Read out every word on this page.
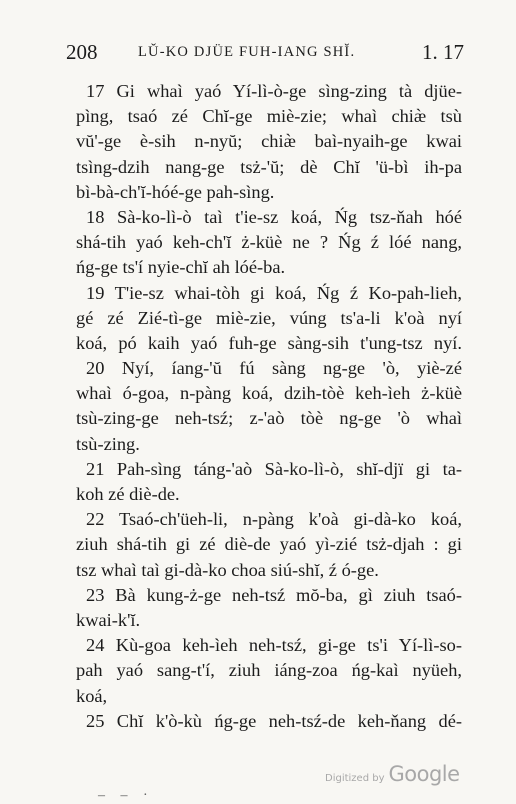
208	LŬ-KO DJÜE FUH-IANG SHĬ.	1. 17
17 Gi whaì yaó Yí-lì-ò-ge sìng-zing tà djüe-
pìng, tsaó zé Chĭ-ge miè-zie; whaì chiæ̀ tsù
vŭ'-ge è-sih n-nyŭ; chiæ̀ baì-nyaih-ge kwai
tsìng-dzih nang-ge tsż-'ŭ; dè Chĭ 'ü-bì ih-pa
bì-bà-ch'ĭ-hóé-ge pah-sìng.
18 Sà-ko-lì-ò taì t'ie-sz koá, Ńg tsz-ňah hóé
shá-tih yaó keh-ch'ĭ ż-küè ne ? Ńg ź lóé nang,
ńg-ge ts'í nyie-chĭ ah lóé-ba.
19 T'ie-sz whai-tòh gi koá, Ńg ź Ko-pah-lieh,
gé zé Zié-tì-ge miè-zie, vúng ts'a-li k'oà nyí
koá, pó kaih yaó fuh-ge sàng-sih t'ung-tsz nyí.
20 Nyí, íang-'ŭ fú sàng ng-ge 'ò, yiè-zé
whaì ó-goa, n-pàng koá, dzih-tòè keh-ìeh ż-küè
tsù-zing-ge neh-tsź; z-'aò tòè ng-ge 'ò whaì
tsù-zing.
21 Pah-sìng táng-'aò Sà-ko-lì-ò, shĭ-djï gi ta-
koh zé diè-de.
22 Tsaó-ch'üeh-li, n-pàng k'oà gi-dà-ko koá,
ziuh shá-tih gi zé diè-de yaó yì-zié tsż-djah : gi
tsz whaì taì gi-dà-ko choa siú-shĭ, ź ó-ge.
23 Bà kung-ż-ge neh-tsź mŏ-ba, gì ziuh tsaó-
kwai-k'ĭ.
24 Kù-goa keh-ìeh neh-tsź, gi-ge ts'i Yí-lì-so-
pah yaó sang-t'í, ziuh iáng-zoa ńg-kaì nyüeh,
koá,
25 Chĭ k'ò-kù ńg-ge neh-tsź-de keh-ňang dé-
Digitized by Google
– – ·
